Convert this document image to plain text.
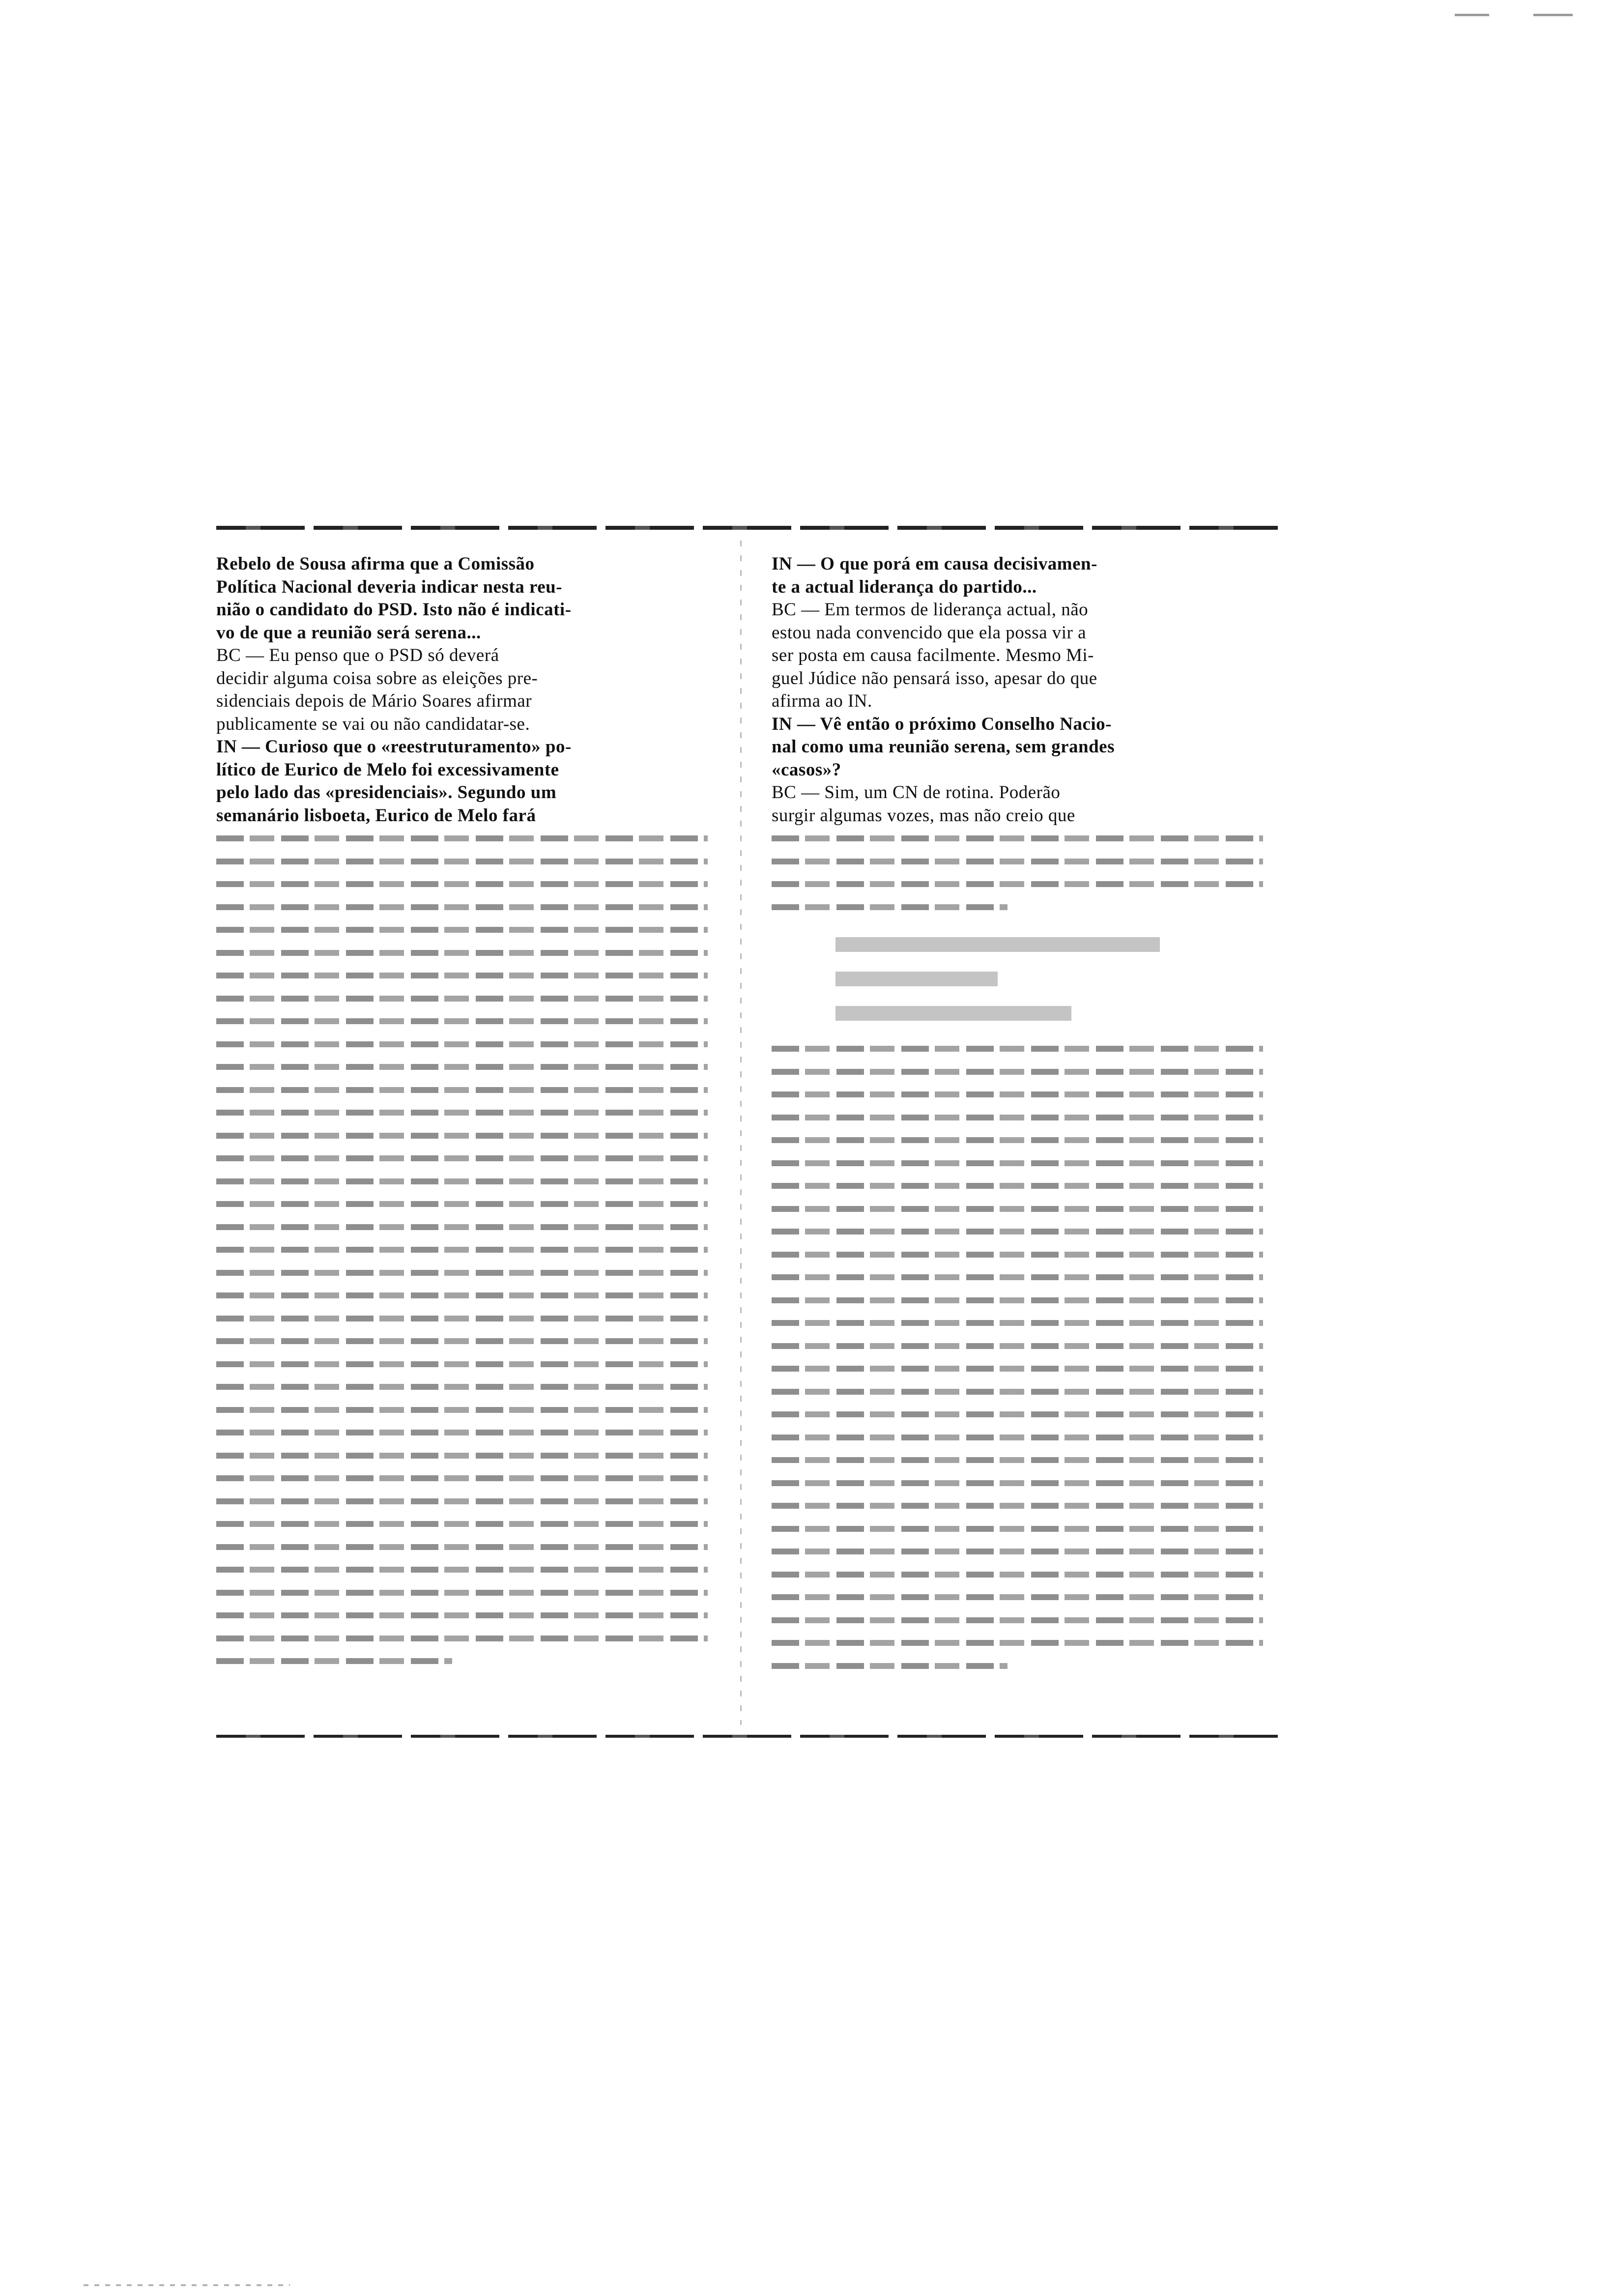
Rebelo de Sousa afirma que a Comissão
Política Nacional deveria indicar nesta reu-
nião o candidato do PSD. Isto não é indicati-
vo de que a reunião será serena...
BC — Eu penso que o PSD só deverá
decidir alguma coisa sobre as eleições pre-
sidenciais depois de Mário Soares afirmar
publicamente se vai ou não candidatar-se.
IN — Curioso que o «reestruturamento» po-
lítico de Eurico de Melo foi excessivamente
pelo lado das «presidenciais». Segundo um
semanário lisboeta, Eurico de Melo fará
IN — O que porá em causa decisivamen-
te a actual liderança do partido...
BC — Em termos de liderança actual, não
estou nada convencido que ela possa vir a
ser posta em causa facilmente. Mesmo Mi-
guel Júdice não pensará isso, apesar do que
afirma ao IN.
IN — Vê então o próximo Conselho Nacio-
nal como uma reunião serena, sem grandes
«casos»?
BC — Sim, um CN de rotina. Poderão
surgir algumas vozes, mas não creio que
